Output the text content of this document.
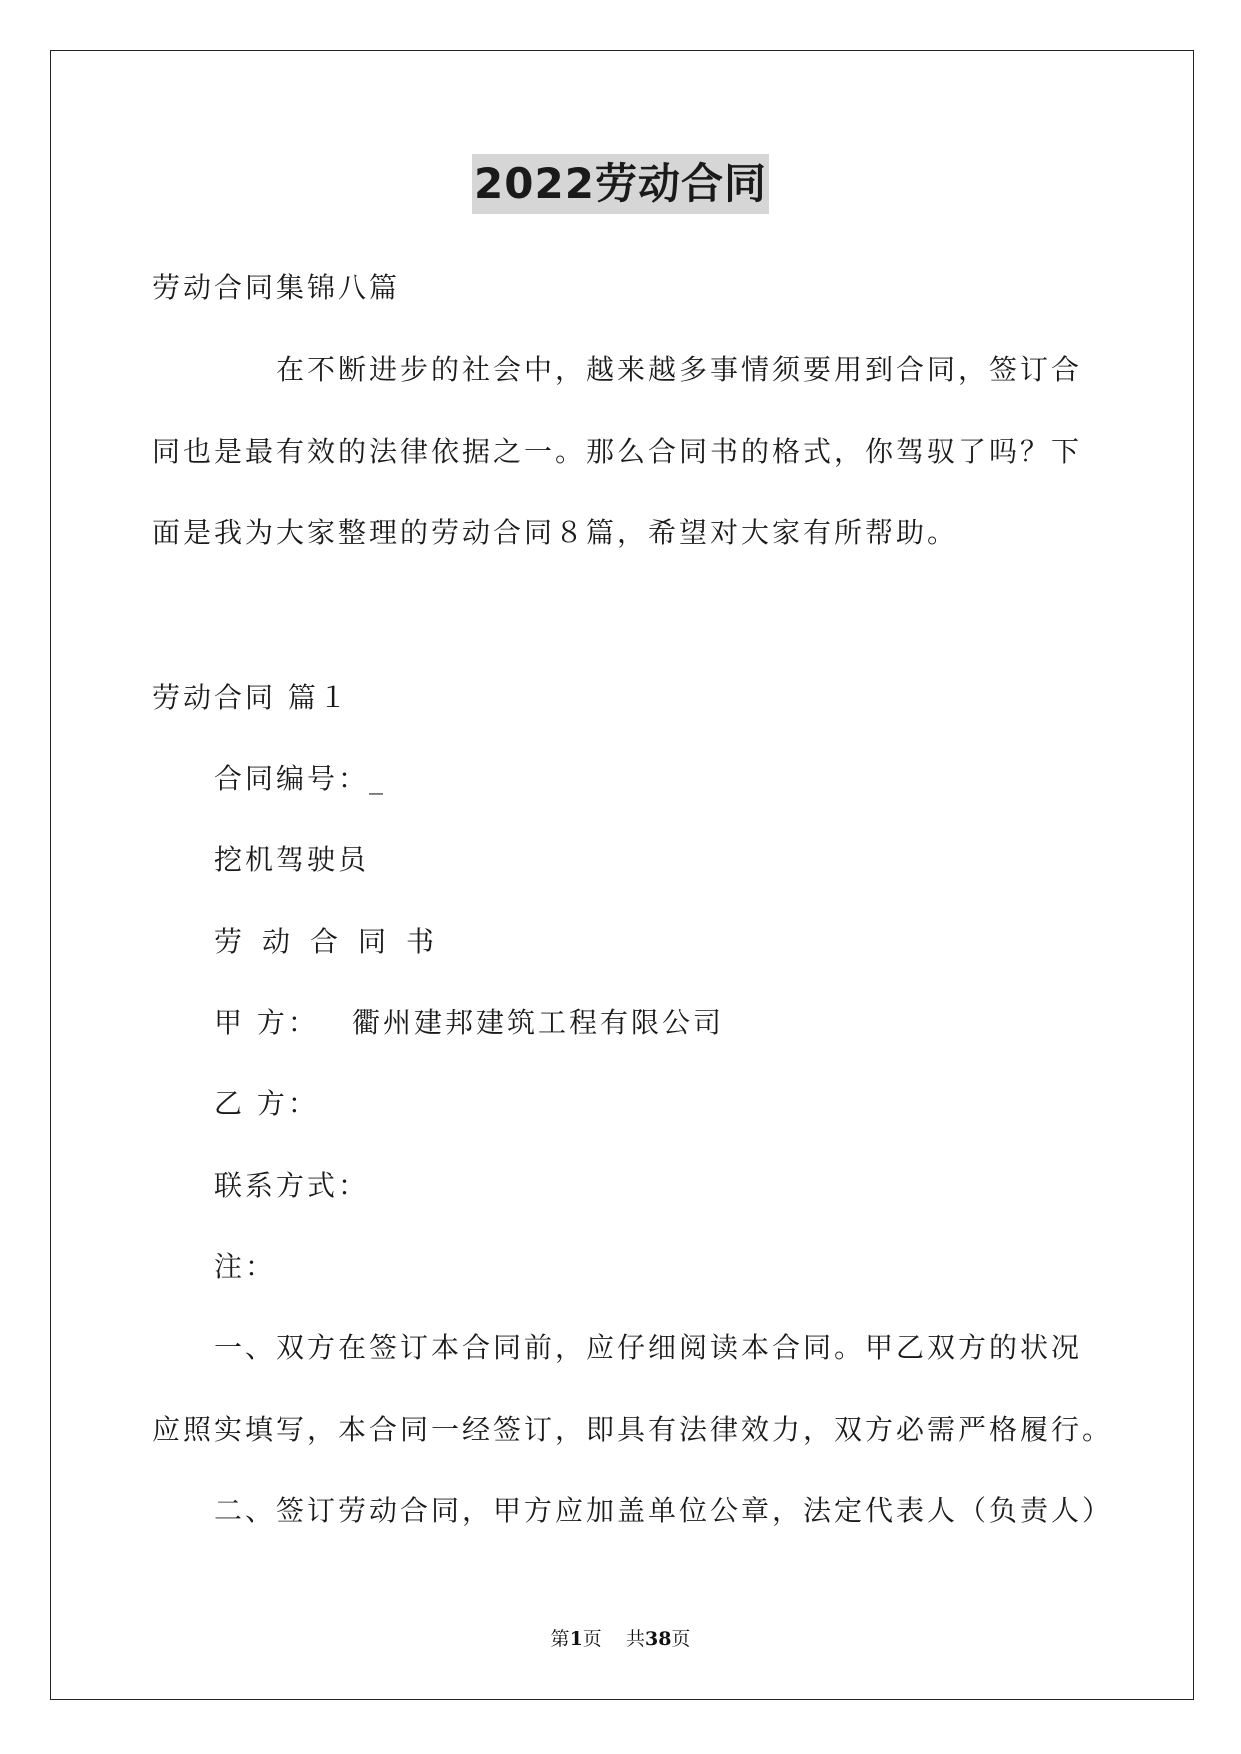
2022劳动合同
劳动合同集锦八篇
在不断进步的社会中，越来越多事情须要用到合同，签订合
同也是最有效的法律依据之一。那么合同书的格式，你驾驭了吗？下
面是我为大家整理的劳动合同８篇，希望对大家有所帮助。
劳动合同 篇１
合同编号：_
挖机驾驶员
劳动合同书
甲 方： 衢州建邦建筑工程有限公司
乙 方：
联系方式：
注：
一、双方在签订本合同前，应仔细阅读本合同。甲乙双方的状况
应照实填写，本合同一经签订，即具有法律效力，双方必需严格履行。
二、签订劳动合同，甲方应加盖单位公章，法定代表人（负责人）
第1页    共38页
